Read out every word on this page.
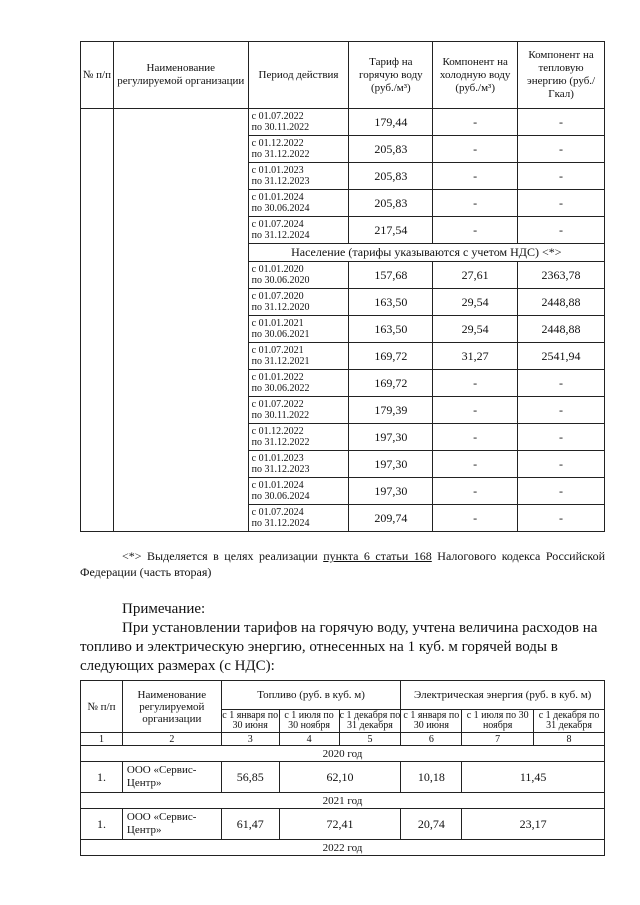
№ п/п	Наименование регулируемой организации	Период действия	Тариф на горячую воду (руб./м³)	Компонент на холодную воду (руб./м³)	Компонент на тепловую энергию (руб./Гкал)

		с 01.07.2022
по 30.11.2022	179,44	-	-

		с 01.12.2022
по 31.12.2022	205,83	-	-

		с 01.01.2023
по 31.12.2023	205,83	-	-

		с 01.01.2024
по 30.06.2024	205,83	-	-

		с 01.07.2024
по 31.12.2024	217,54	-	-
		Население (тарифы указываются с учетом НДС) <*>			

		с 01.01.2020
по 30.06.2020	157,68	27,61	2363,78

		с 01.07.2020
по 31.12.2020	163,50	29,54	2448,88

		с 01.01.2021
по 30.06.2021	163,50	29,54	2448,88

		с 01.07.2021
по 31.12.2021	169,72	31,27	2541,94

		с 01.01.2022
по 30.06.2022	169,72	-	-

		с 01.07.2022
по 30.11.2022	179,39	-	-

		с 01.12.2022
по 31.12.2022	197,30	-	-

		с 01.01.2023
по 31.12.2023	197,30	-	-

		с 01.01.2024
по 30.06.2024	197,30	-	-

		с 01.07.2024
по 31.12.2024	209,74	-	-
<*> Выделяется в целях реализации пункта 6 статьи 168 Налогового кодекса Российской Федерации (часть вторая)
Примечание:
При установлении тарифов на горячую воду, учтена величина расходов на топливо и электрическую энергию, отнесенных на 1 куб. м горячей воды в следующих размерах (с НДС):
№ п/п	Наименование регулируемой организации	Топливо (руб. в куб. м)			Электрическая энергия (руб. в куб. м)		
		с 1 января по 30 июня	с 1 июля по 30 ноября	с 1 декабря по 31 декабря	с 1 января по 30 июня	с 1 июля по 30 ноября	с 1 декабря по 31 декабря
1	2	3	4	5	6	7	8
2020 год							
1.	ООО «Сервис-Центр»	56,85	62,10		10,18	11,45	
2021 год							
1.	ООО «Сервис-Центр»	61,47	72,41		20,74	23,17	
2022 год							
